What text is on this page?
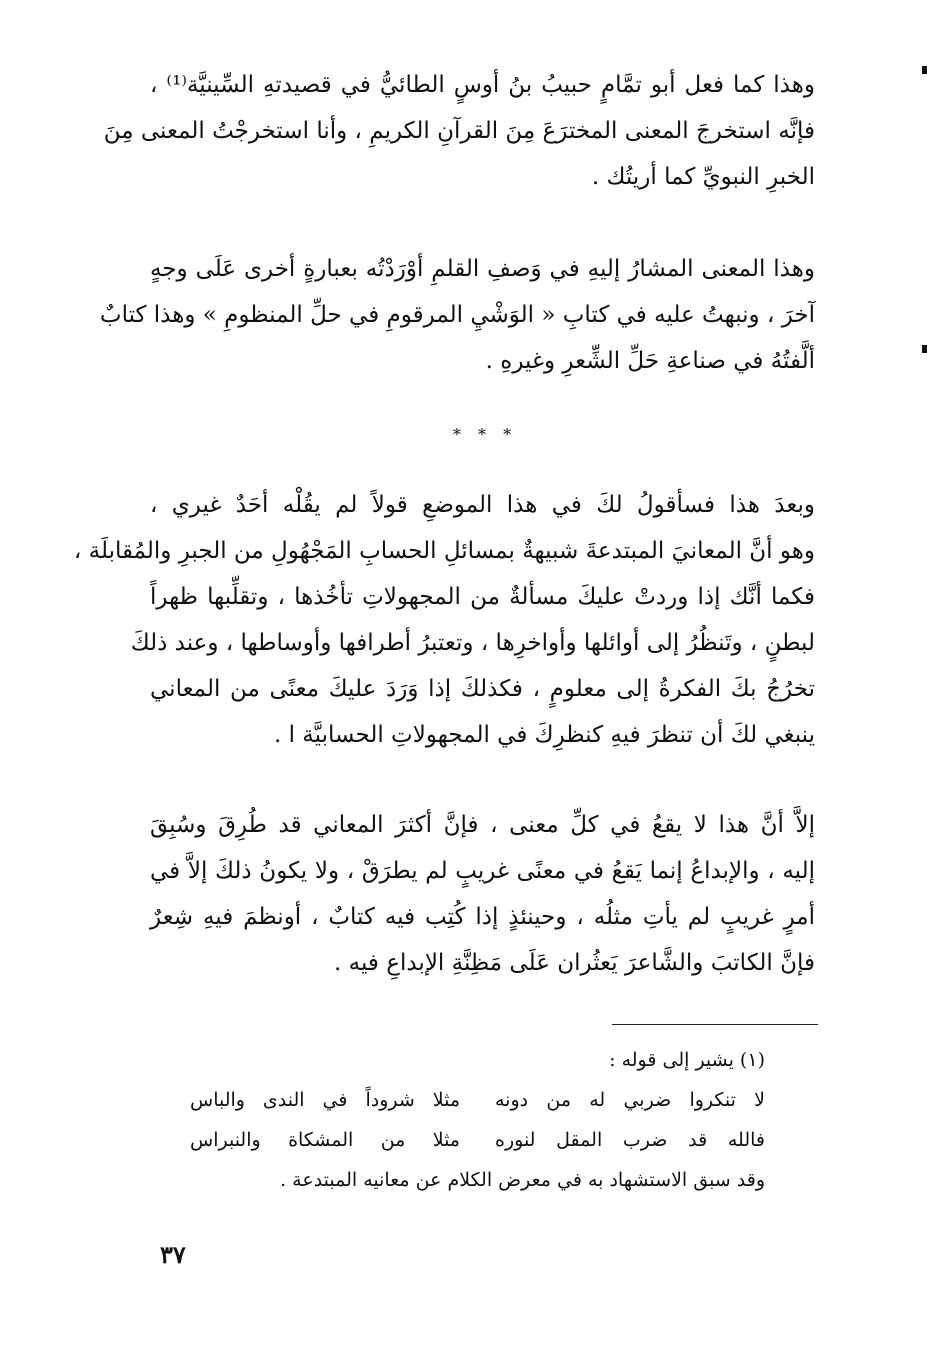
وهذا كما فعل أبو تمَّامٍ حبيبُ بنُ أوسٍ الطائيُّ في قصيدتهِ السِّينيَّة⁽¹⁾ ،
فإنَّه استخرجَ المعنى المخترَعَ مِنَ القرآنِ الكريمِ ، وأنا استخرجْتُ المعنى مِنَ
الخبرِ النبويِّ كما أريتُك .
وهذا المعنى المشارُ إليهِ في وَصفِ القلمِ أوْرَدْتُه بعبارةٍ أخرى عَلَى وجهٍ
آخرَ ، ونبهتُ عليه في كتابِ « الوَشْيِ المرقومِ في حلِّ المنظومِ » وهذا كتابٌ
ألَّفتُهُ في صناعةِ حَلِّ الشِّعرِ وغيرهِ .
* * *
وبعدَ هذا فسأقولُ لكَ في هذا الموضعِ قولاً لم يقُلْه أحَدٌ غيري ،
وهو أنَّ المعانيَ المبتدعةَ شبيهةٌ بمسائلِ الحسابِ المَجْهُولِ من الجبرِ والمُقابلَة ،
فكما أنَّك إذا وردتْ عليكَ مسألةٌ من المجهولاتِ تأخُذها ، وتقلِّبها ظهراً
لبطنٍ ، وتَنظُرُ إلى أوائلها وأواخرِها ، وتعتبرُ أطرافها وأوساطها ، وعند ذلكَ
تخرُجُ بكَ الفكرةُ إلى معلومٍ ، فكذلكَ إذا وَرَدَ عليكَ معنًى من المعاني
ينبغي لكَ أن تنظرَ فيهِ كنظرِكَ في المجهولاتِ الحسابيَّة ا .
إلاَّ أنَّ هذا لا يقعُ في كلِّ معنى ، فإنَّ أكثرَ المعاني قد طُرِقَ وسُبِقَ
إليه ، والإبداعُ إنما يَقعُ في معنًى غريبٍ لم يطرَقْ ، ولا يكونُ ذلكَ إلاَّ في
أمرٍ غريبٍ لم يأتِ مثلُه ، وحينئذٍ إذا كُتِب فيه كتابٌ ، أونظمَ فيهِ شِعرٌ
فإنَّ الكاتبَ والشَّاعرَ يَعثُران عَلَى مَظِنَّةِ الإبداعِ فيه .
(١) يشير إلى قوله :
لا تنكروا ضربي له من دونه
مثلا شروداً في الندى والباس
فالله قد ضرب المقل لنوره
مثلا من المشكاة والنبراس
وقد سبق الاستشهاد به في معرض الكلام عن معانيه المبتدعة .
٣٧
